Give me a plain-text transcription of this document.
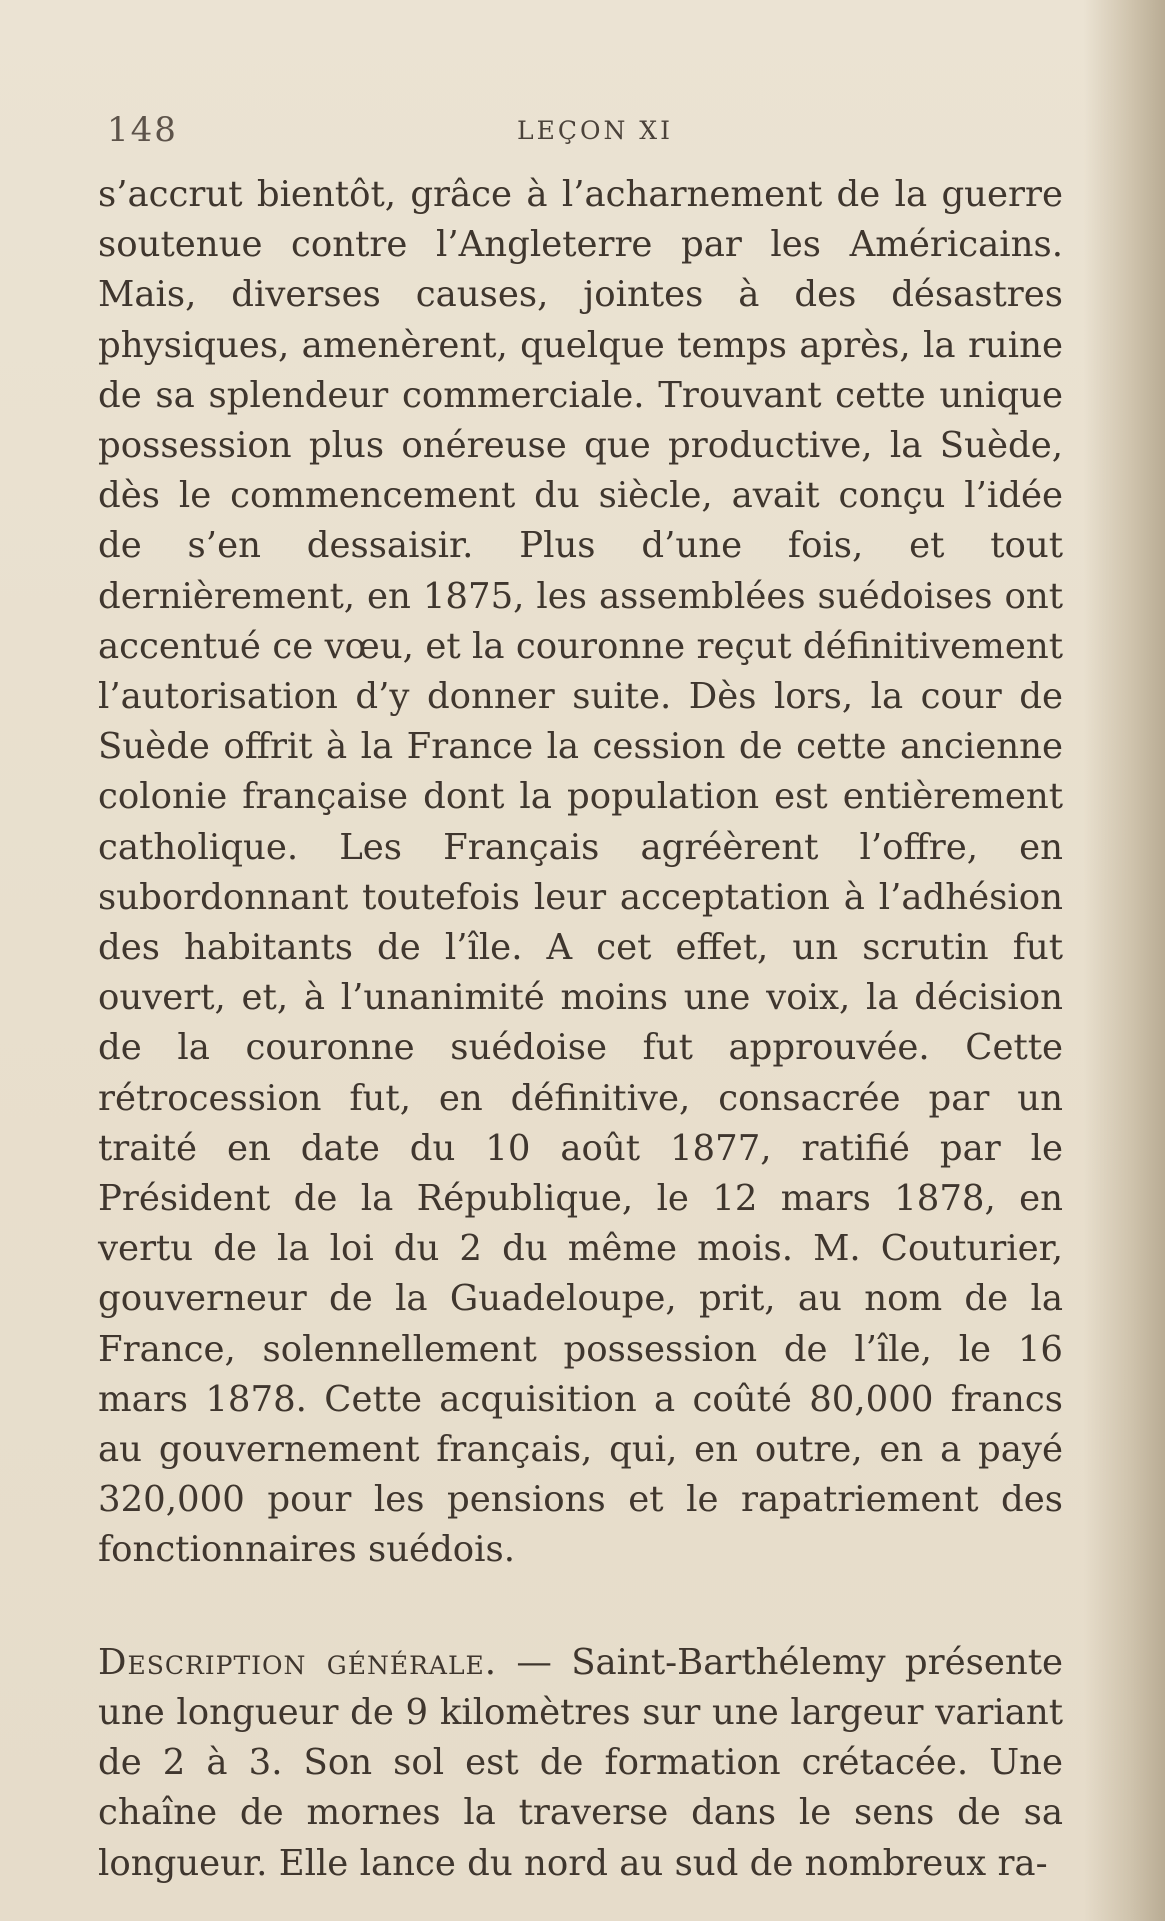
148	LEÇON XI

s’accrut bientôt, grâce à l’acharnement de la guerre soutenue contre l’Angleterre par les Américains. Mais, diverses causes, jointes à des désastres physiques, amenèrent, quelque temps après, la ruine de sa splendeur commerciale. Trouvant cette unique possession plus onéreuse que productive, la Suède, dès le commencement du siècle, avait conçu l’idée de s’en dessaisir. Plus d’une fois, et tout dernièrement, en 1875, les assemblées suédoises ont accentué ce vœu, et la couronne reçut définitivement l’autorisation d’y donner suite. Dès lors, la cour de Suède offrit à la France la cession de cette ancienne colonie française dont la population est entièrement catholique. Les Français agréèrent l’offre, en subordonnant toutefois leur acceptation à l’adhésion des habitants de l’île. A cet effet, un scrutin fut ouvert, et, à l’unanimité moins une voix, la décision de la couronne suédoise fut approuvée. Cette rétrocession fut, en définitive, consacrée par un traité en date du 10 août 1877, ratifié par le Président de la République, le 12 mars 1878, en vertu de la loi du 2 du même mois. M. Couturier, gouverneur de la Guadeloupe, prit, au nom de la France, solennellement possession de l’île, le 16 mars 1878. Cette acquisition a coûté 80,000 francs au gouvernement français, qui, en outre, en a payé 320,000 pour les pensions et le rapatriement des fonctionnaires suédois.

Description générale. — Saint-Barthélemy présente une longueur de 9 kilomètres sur une largeur variant de 2 à 3. Son sol est de formation crétacée. Une chaîne de mornes la traverse dans le sens de sa longueur. Elle lance du nord au sud de nombreux ra-
